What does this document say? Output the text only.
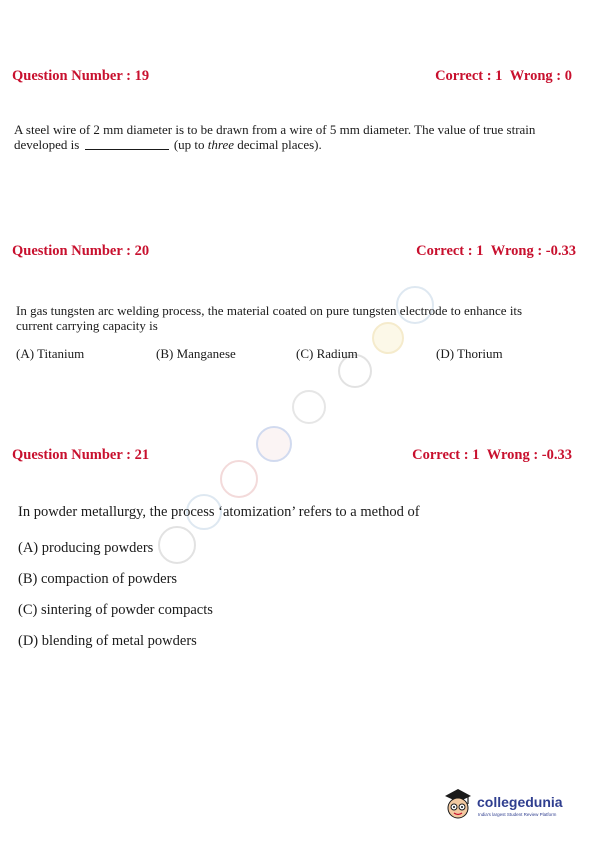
Question Number : 19	Correct : 1 Wrong : 0
A steel wire of 2 mm diameter is to be drawn from a wire of 5 mm diameter. The value of true strain
developed is	(up to three decimal places).
Question Number : 20	Correct : 1 Wrong : -0.33
In gas tungsten arc welding process, the material coated on pure tungsten electrode to enhance its
current carrying capacity is
(A) Titanium	(B) Manganese	(C) Radium	(D) Thorium
Question Number : 21	Correct : 1 Wrong : -0.33
In powder metallurgy, the process ‘atomization’ refers to a method of
(A) producing powders
(B) compaction of powders
(C) sintering of powder compacts
(D) blending of metal powders
collegedunia
India's largest Student Review Platform
